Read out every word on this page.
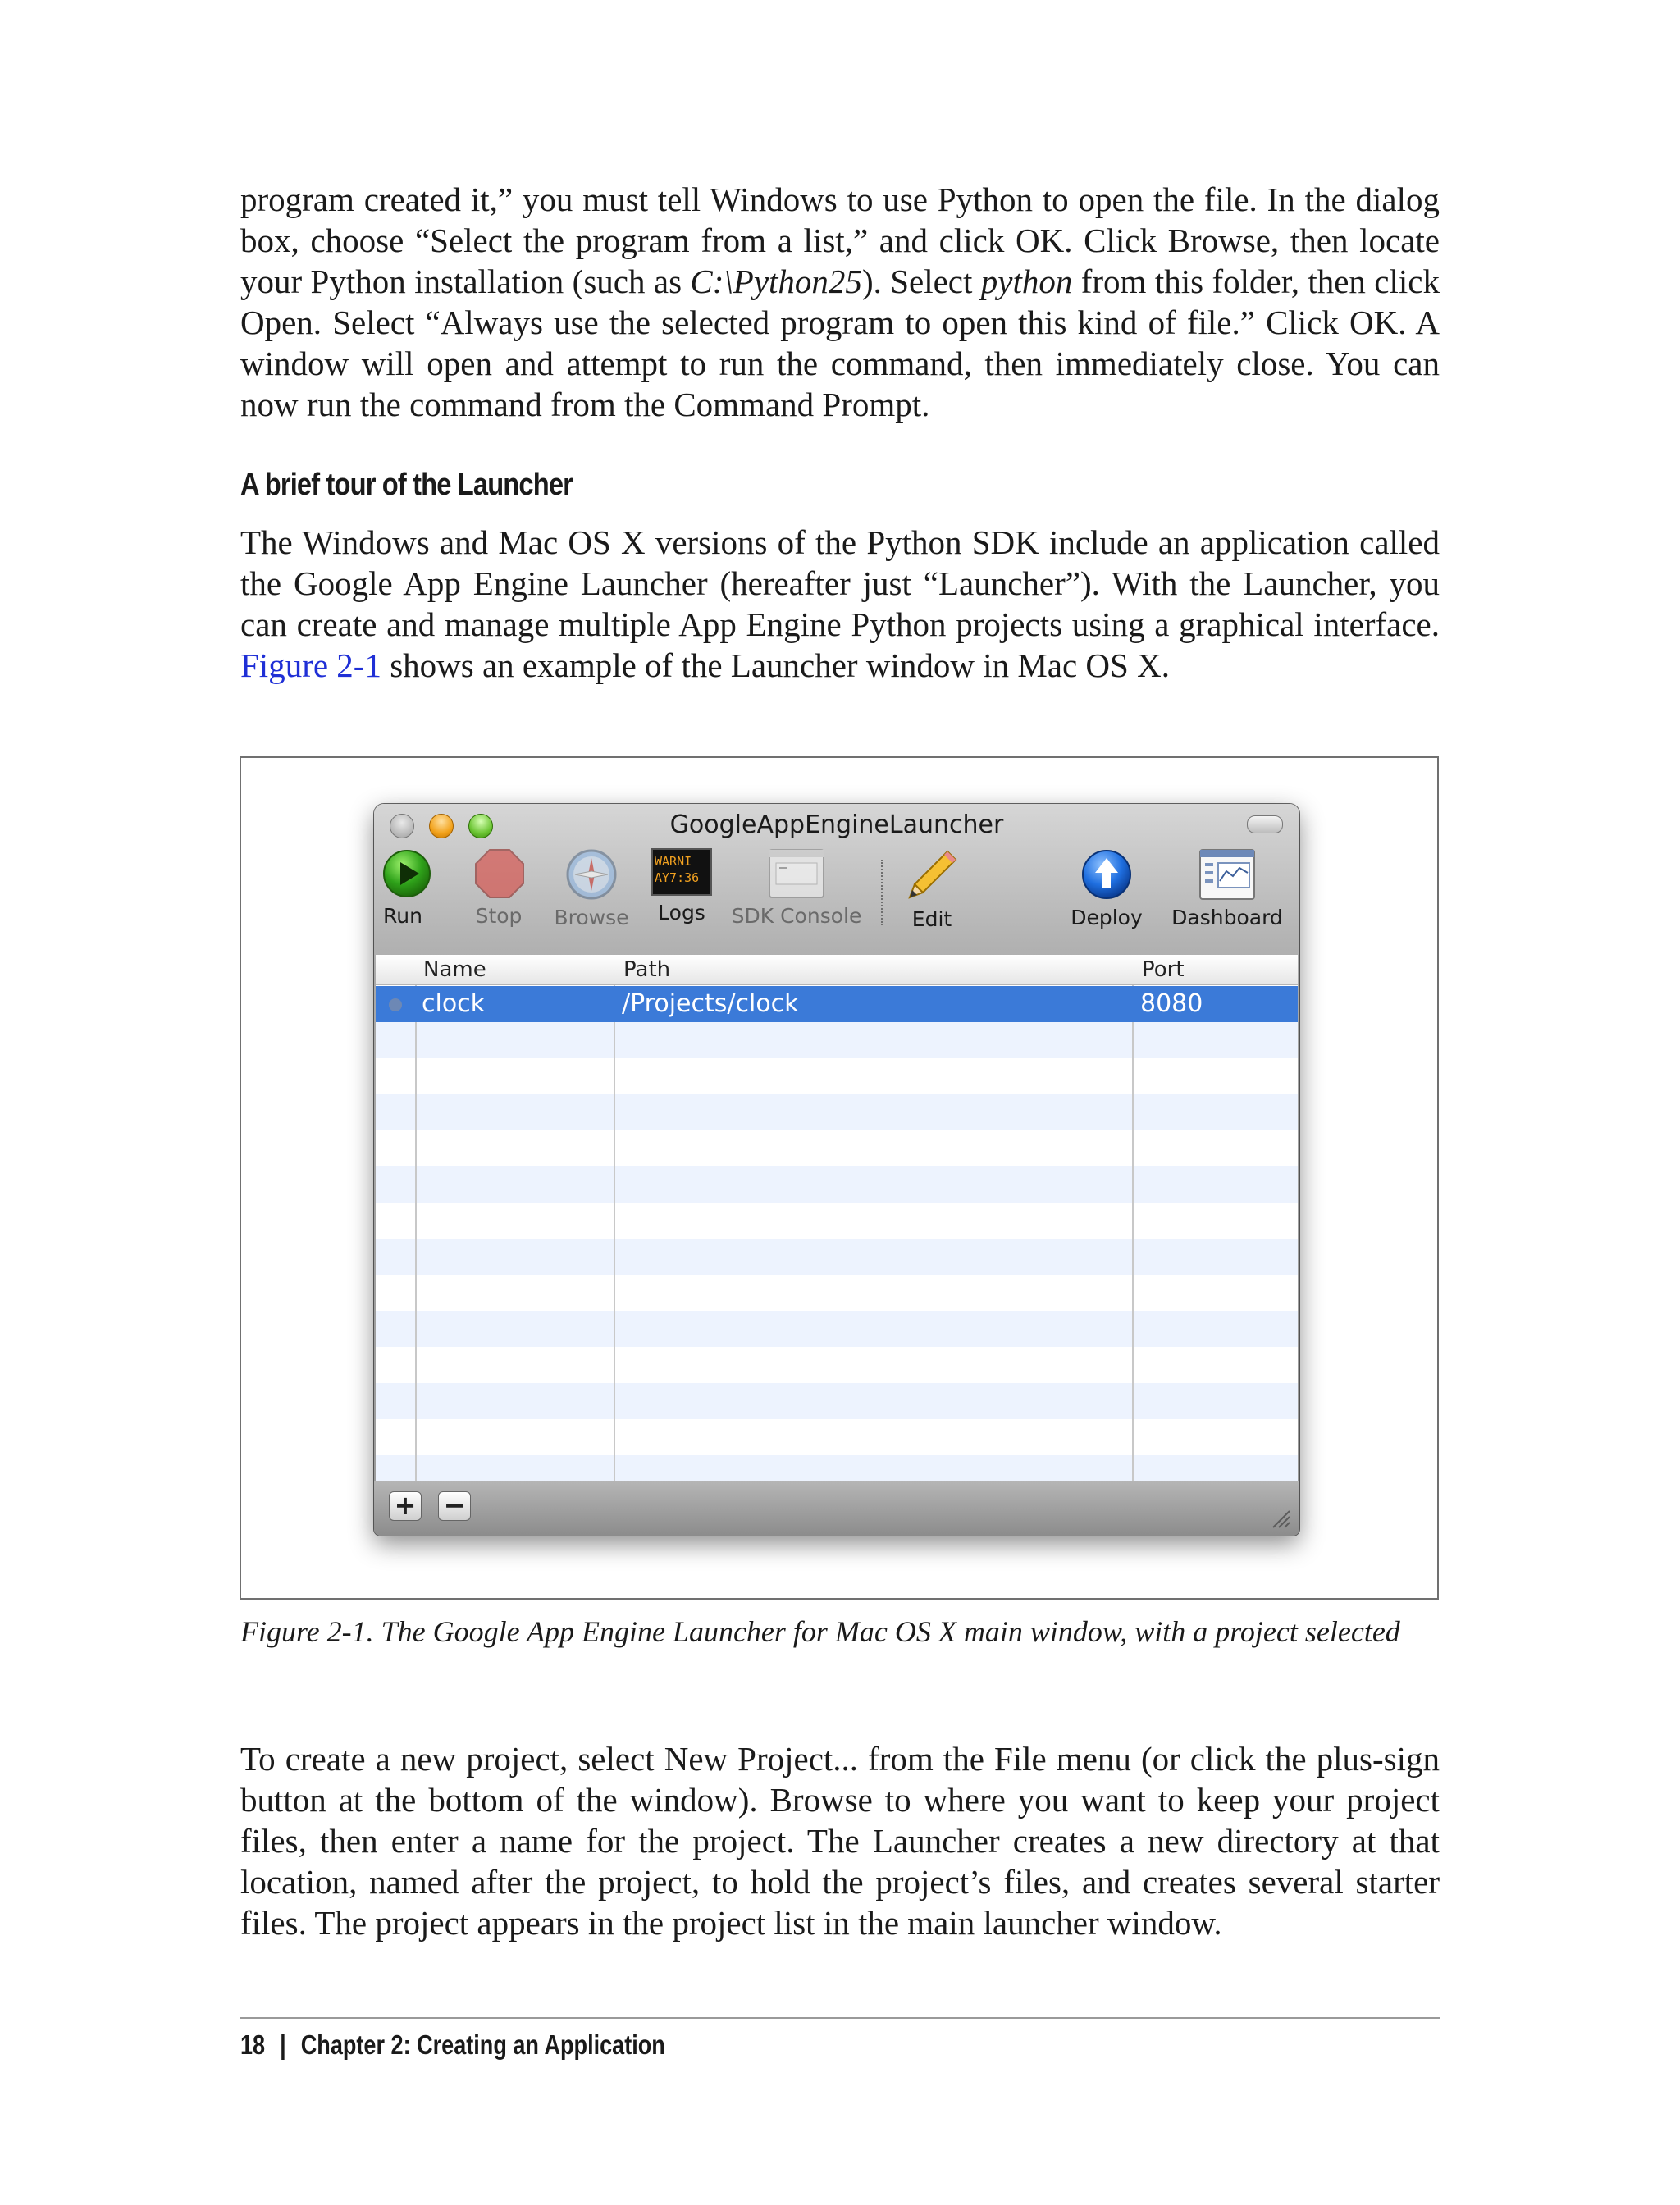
program created it,” you must tell Windows to use Python to open the file. In the dialog box, choose “Select the program from a list,” and click OK. Click Browse, then locate your Python installation (such as C:\Python25). Select python from this folder, then click Open. Select “Always use the selected program to open this kind of file.” Click OK. A window will open and attempt to run the command, then immediately close. You can now run the command from the Command Prompt.

A brief tour of the Launcher

The Windows and Mac OS X versions of the Python SDK include an application called the Google App Engine Launcher (hereafter just “Launcher”). With the Launcher, you can create and manage multiple App Engine Python projects using a graphical interface. Figure 2-1 shows an example of the Launcher window in Mac OS X.

GoogleAppEngineLauncher
Run	Stop Browse
WARNI
AY7:36
Logs	SDK Console	Edit	Deploy	Dashboard
clock	/Projects/clock	8080
Name	Path	Port
+ −
Figure 2-1. The Google App Engine Launcher for Mac OS X main window, with a project selected

To create a new project, select New Project... from the File menu (or click the plus-sign button at the bottom of the window). Browse to where you want to keep your project files, then enter a name for the project. The Launcher creates a new directory at that location, named after the project, to hold the project’s files, and creates several starter files. The project appears in the project list in the main launcher window.

18 | Chapter 2: Creating an Application
